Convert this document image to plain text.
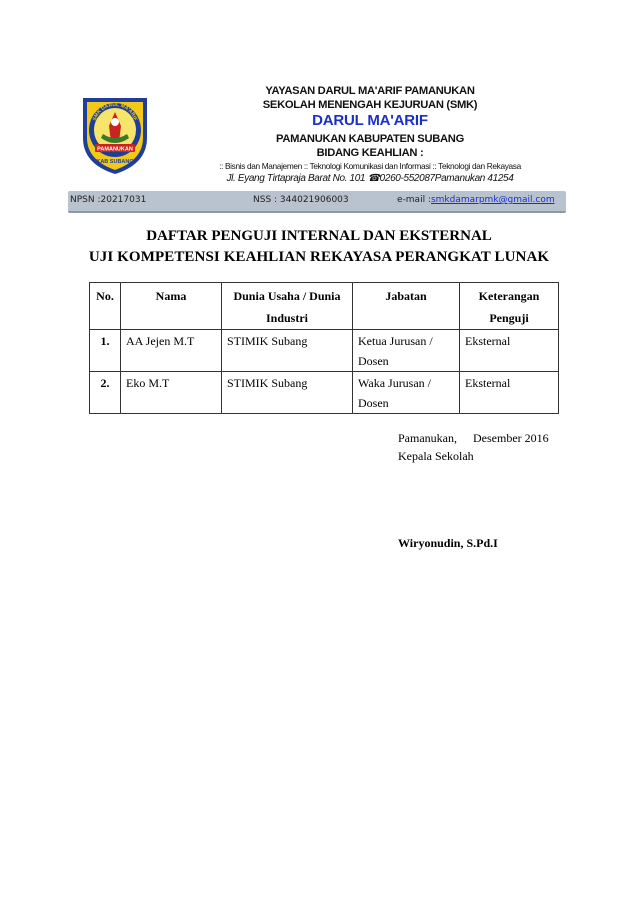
PAMANUKAN
KAB SUBANG
SMK DARUL MA'ARIF
YAYASAN DARUL MA'ARIF PAMANUKAN
SEKOLAH MENENGAH KEJURUAN (SMK)
DARUL MA'ARIF
PAMANUKAN KABUPATEN SUBANG
BIDANG KEAHLIAN :
:: Bisnis dan Manajemen :: Teknologi Komunikasi dan Informasi :: Teknologi dan Rekayasa
Jl. Eyang Tirtapraja Barat No. 101 ☎0260-552087Pamanukan 41254
NPSN :20217031	NSS : 344021906003	e-mail :smkdamarpmk@gmail.com
DAFTAR PENGUJI INTERNAL DAN EKSTERNAL
UJI KOMPETENSI KEAHLIAN REKAYASA PERANGKAT LUNAK
No.	Nama	Dunia Usaha / Dunia Industri	Jabatan	Keterangan Penguji
1.	AA Jejen M.T	STIMIK Subang	Ketua Jurusan / Dosen	Eksternal
2.	Eko M.T	STIMIK Subang	Waka Jurusan / Dosen	Eksternal
Pamanukan, Desember 2016
Kepala Sekolah
Wiryonudin, S.Pd.I
